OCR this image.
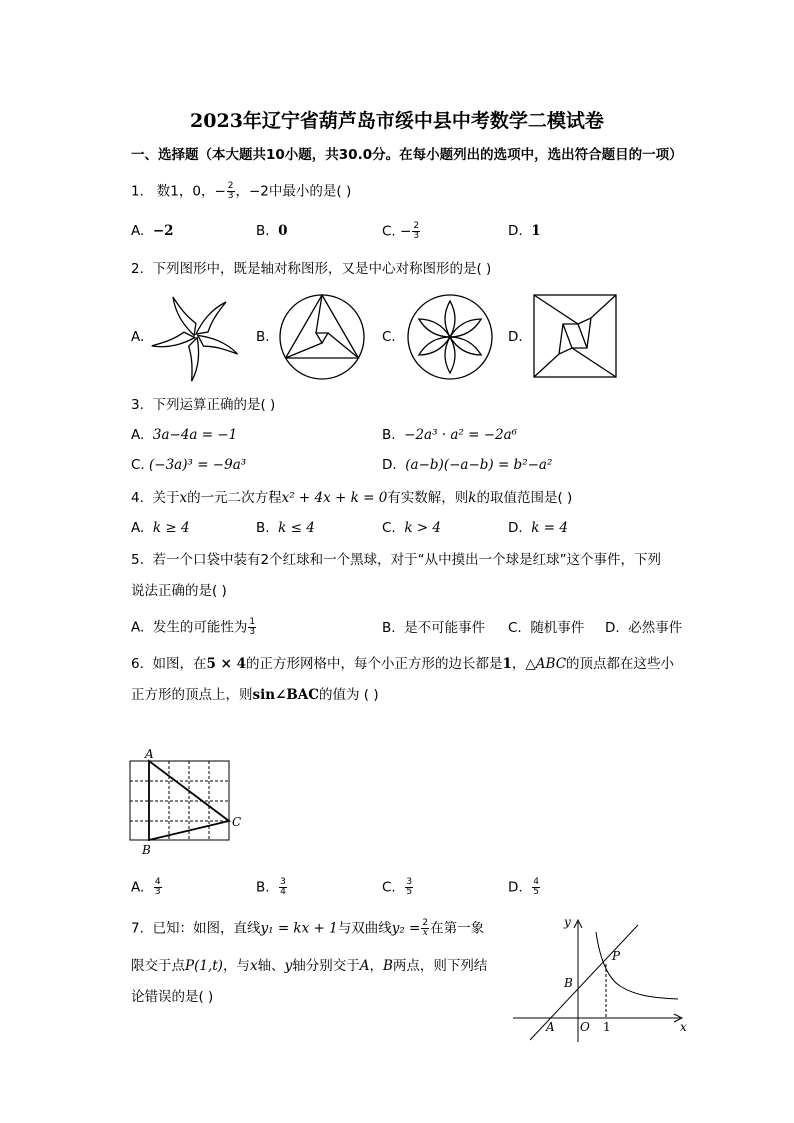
2023年辽宁省葫芦岛市绥中县中考数学二模试卷
一、选择题（本大题共10小题，共30.0分。在每小题列出的选项中，选出符合题目的一项）
1. 数1，0，− $\frac{2}{3}$ ，−2中最小的是( )
A.  −2	B.  0	C. − $\frac{2}{3}$	D.  1
2. 下列图形中，既是轴对称图形，又是中心对称图形的是( )
A.	B.	C.	D.
3. 下列运算正确的是( )
A.  3a−4a = −1	B.  −2a³ · a² = −2a⁶
C. (−3a)³ = −9a³	D.  (a−b)(−a−b) = b²−a²
4. 关于x的一元二次方程x² + 4x + k = 0有实数解，则k的取值范围是( )
A.  k ≥ 4	B.  k ≤ 4	C.  k > 4	D.  k = 4
5. 若一个口袋中装有2个红球和一个黑球，对于“从中摸出一个球是红球”这个事件，下列
说法正确的是( )
A.  发生的可能性为 $\frac{1}{3}$	B.  是不可能事件 C.  随机事件 D.  必然事件
6. 如图，在5 × 4的正方形网格中，每个小正方形的边长都是1，△ABC的顶点都在这些小
正方形的顶点上，则sin∠BAC的值为 ( )
A
B
C
A. $\frac{4}{3}$	B. $\frac{3}{4}$	C. $\frac{3}{5}$	D. $\frac{4}{5}$
7. 已知：如图，直线y₁ = kx + 1与双曲线$y_2 = \frac{2}{x}$ 在第一象
限交于点P(1,t)，与x轴、y轴分别交于A，B两点，则下列结
论错误的是( )
y
x
P
B
A O 1
